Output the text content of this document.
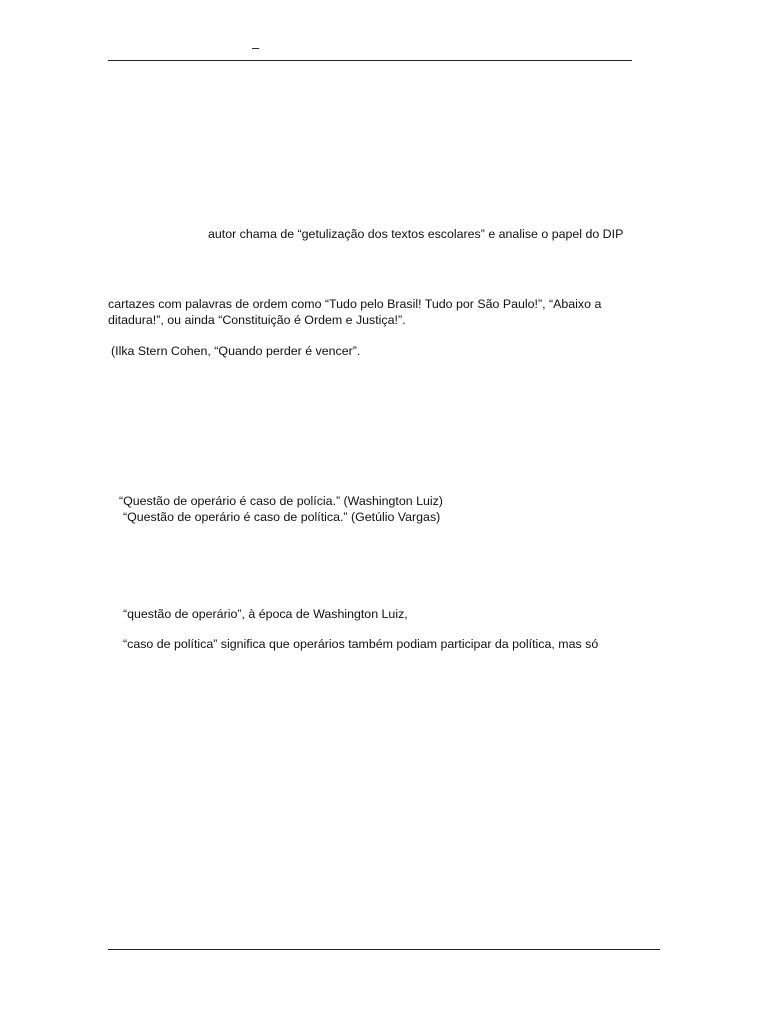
–
autor chama de “getulização dos textos escolares” e analise o papel do DIP
cartazes com palavras de ordem como “Tudo pelo Brasil! Tudo por São Paulo!”, “Abaixo a
ditadura!”, ou ainda “Constituição é Ordem e Justiça!”.
(Ilka Stern Cohen, “Quando perder é vencer”.
“Questão de operário é caso de polícia.” (Washington Luiz)
“Questão de operário é caso de política.” (Getúlio Vargas)
“questão de operário”, à época de Washington Luiz,
“caso de política” significa que operários também podiam participar da política, mas só
